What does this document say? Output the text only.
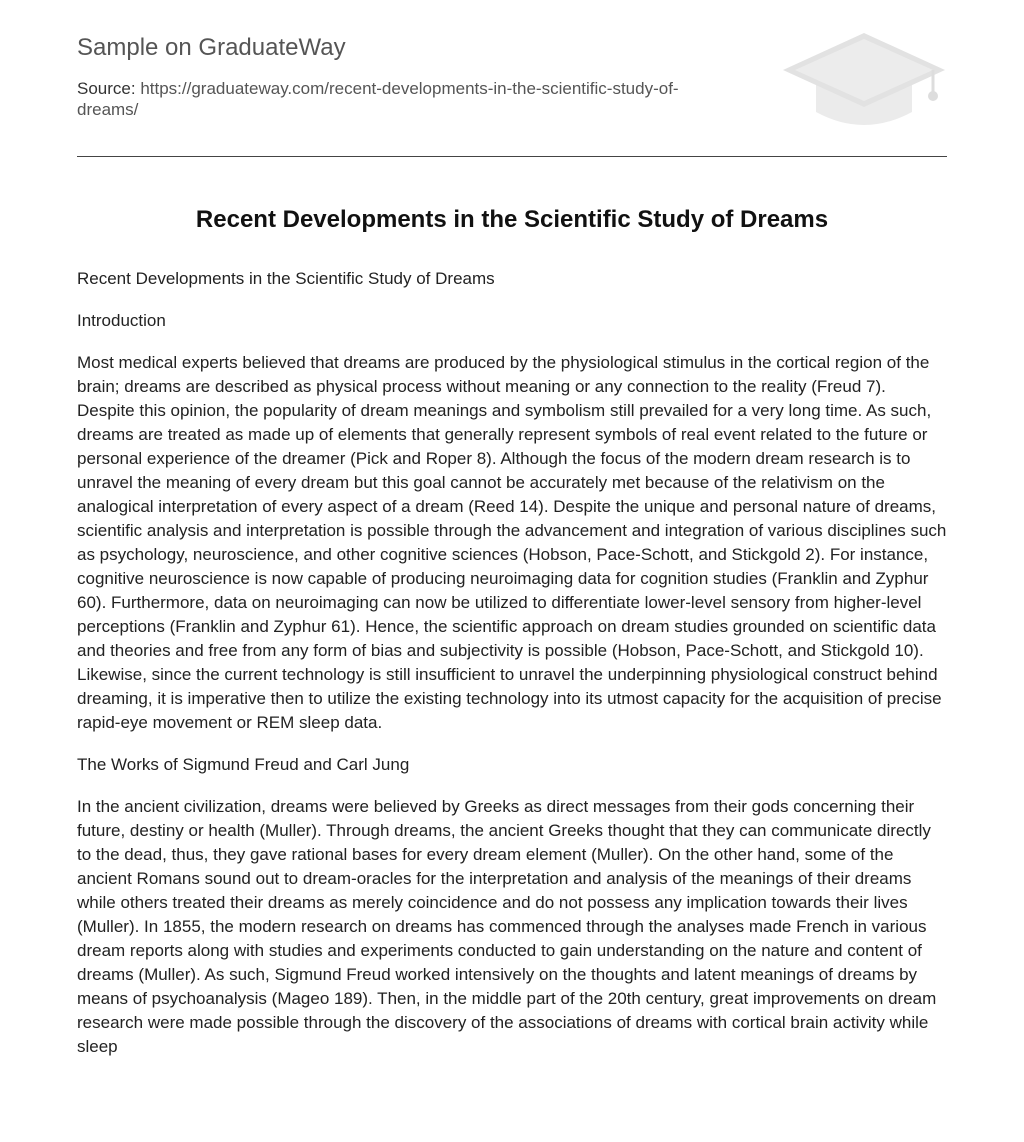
Sample on GraduateWay
Source: https://graduateway.com/recent-developments-in-the-scientific-study-of-dreams/
Recent Developments in the Scientific Study of Dreams

Recent Developments in the Scientific Study of Dreams

Introduction

Most medical experts believed that dreams are produced by the physiological stimulus in the cortical region of the brain; dreams are described as physical process without meaning or any connection to the reality (Freud 7). Despite this opinion, the popularity of dream meanings and symbolism still prevailed for a very long time. As such, dreams are treated as made up of elements that generally represent symbols of real event related to the future or personal experience of the dreamer (Pick and Roper 8). Although the focus of the modern dream research is to unravel the meaning of every dream but this goal cannot be accurately met because of the relativism on the analogical interpretation of every aspect of a dream (Reed 14). Despite the unique and personal nature of dreams, scientific analysis and interpretation is possible through the advancement and integration of various disciplines such as psychology, neuroscience, and other cognitive sciences (Hobson, Pace-Schott, and Stickgold 2). For instance, cognitive neuroscience is now capable of producing neuroimaging data for cognition studies (Franklin and Zyphur 60). Furthermore, data on neuroimaging can now be utilized to differentiate lower-level sensory from higher-level perceptions (Franklin and Zyphur 61). Hence, the scientific approach on dream studies grounded on scientific data and theories and free from any form of bias and subjectivity is possible (Hobson, Pace-Schott, and Stickgold 10). Likewise, since the current technology is still insufficient to unravel the underpinning physiological construct behind dreaming, it is imperative then to utilize the existing technology into its utmost capacity for the acquisition of precise rapid-eye movement or REM sleep data.

The Works of Sigmund Freud and Carl Jung

In the ancient civilization, dreams were believed by Greeks as direct messages from their gods concerning their future, destiny or health (Muller). Through dreams, the ancient Greeks thought that they can communicate directly to the dead, thus, they gave rational bases for every dream element (Muller). On the other hand, some of the ancient Romans sound out to dream-oracles for the interpretation and analysis of the meanings of their dreams while others treated their dreams as merely coincidence and do not possess any implication towards their lives (Muller). In 1855, the modern research on dreams has commenced through the analyses made French in various dream reports along with studies and experiments conducted to gain understanding on the nature and content of dreams (Muller). As such, Sigmund Freud worked intensively on the thoughts and latent meanings of dreams by means of psychoanalysis (Mageo 189). Then, in the middle part of the 20th century, great improvements on dream research were made possible through the discovery of the associations of dreams with cortical brain activity while sleep
